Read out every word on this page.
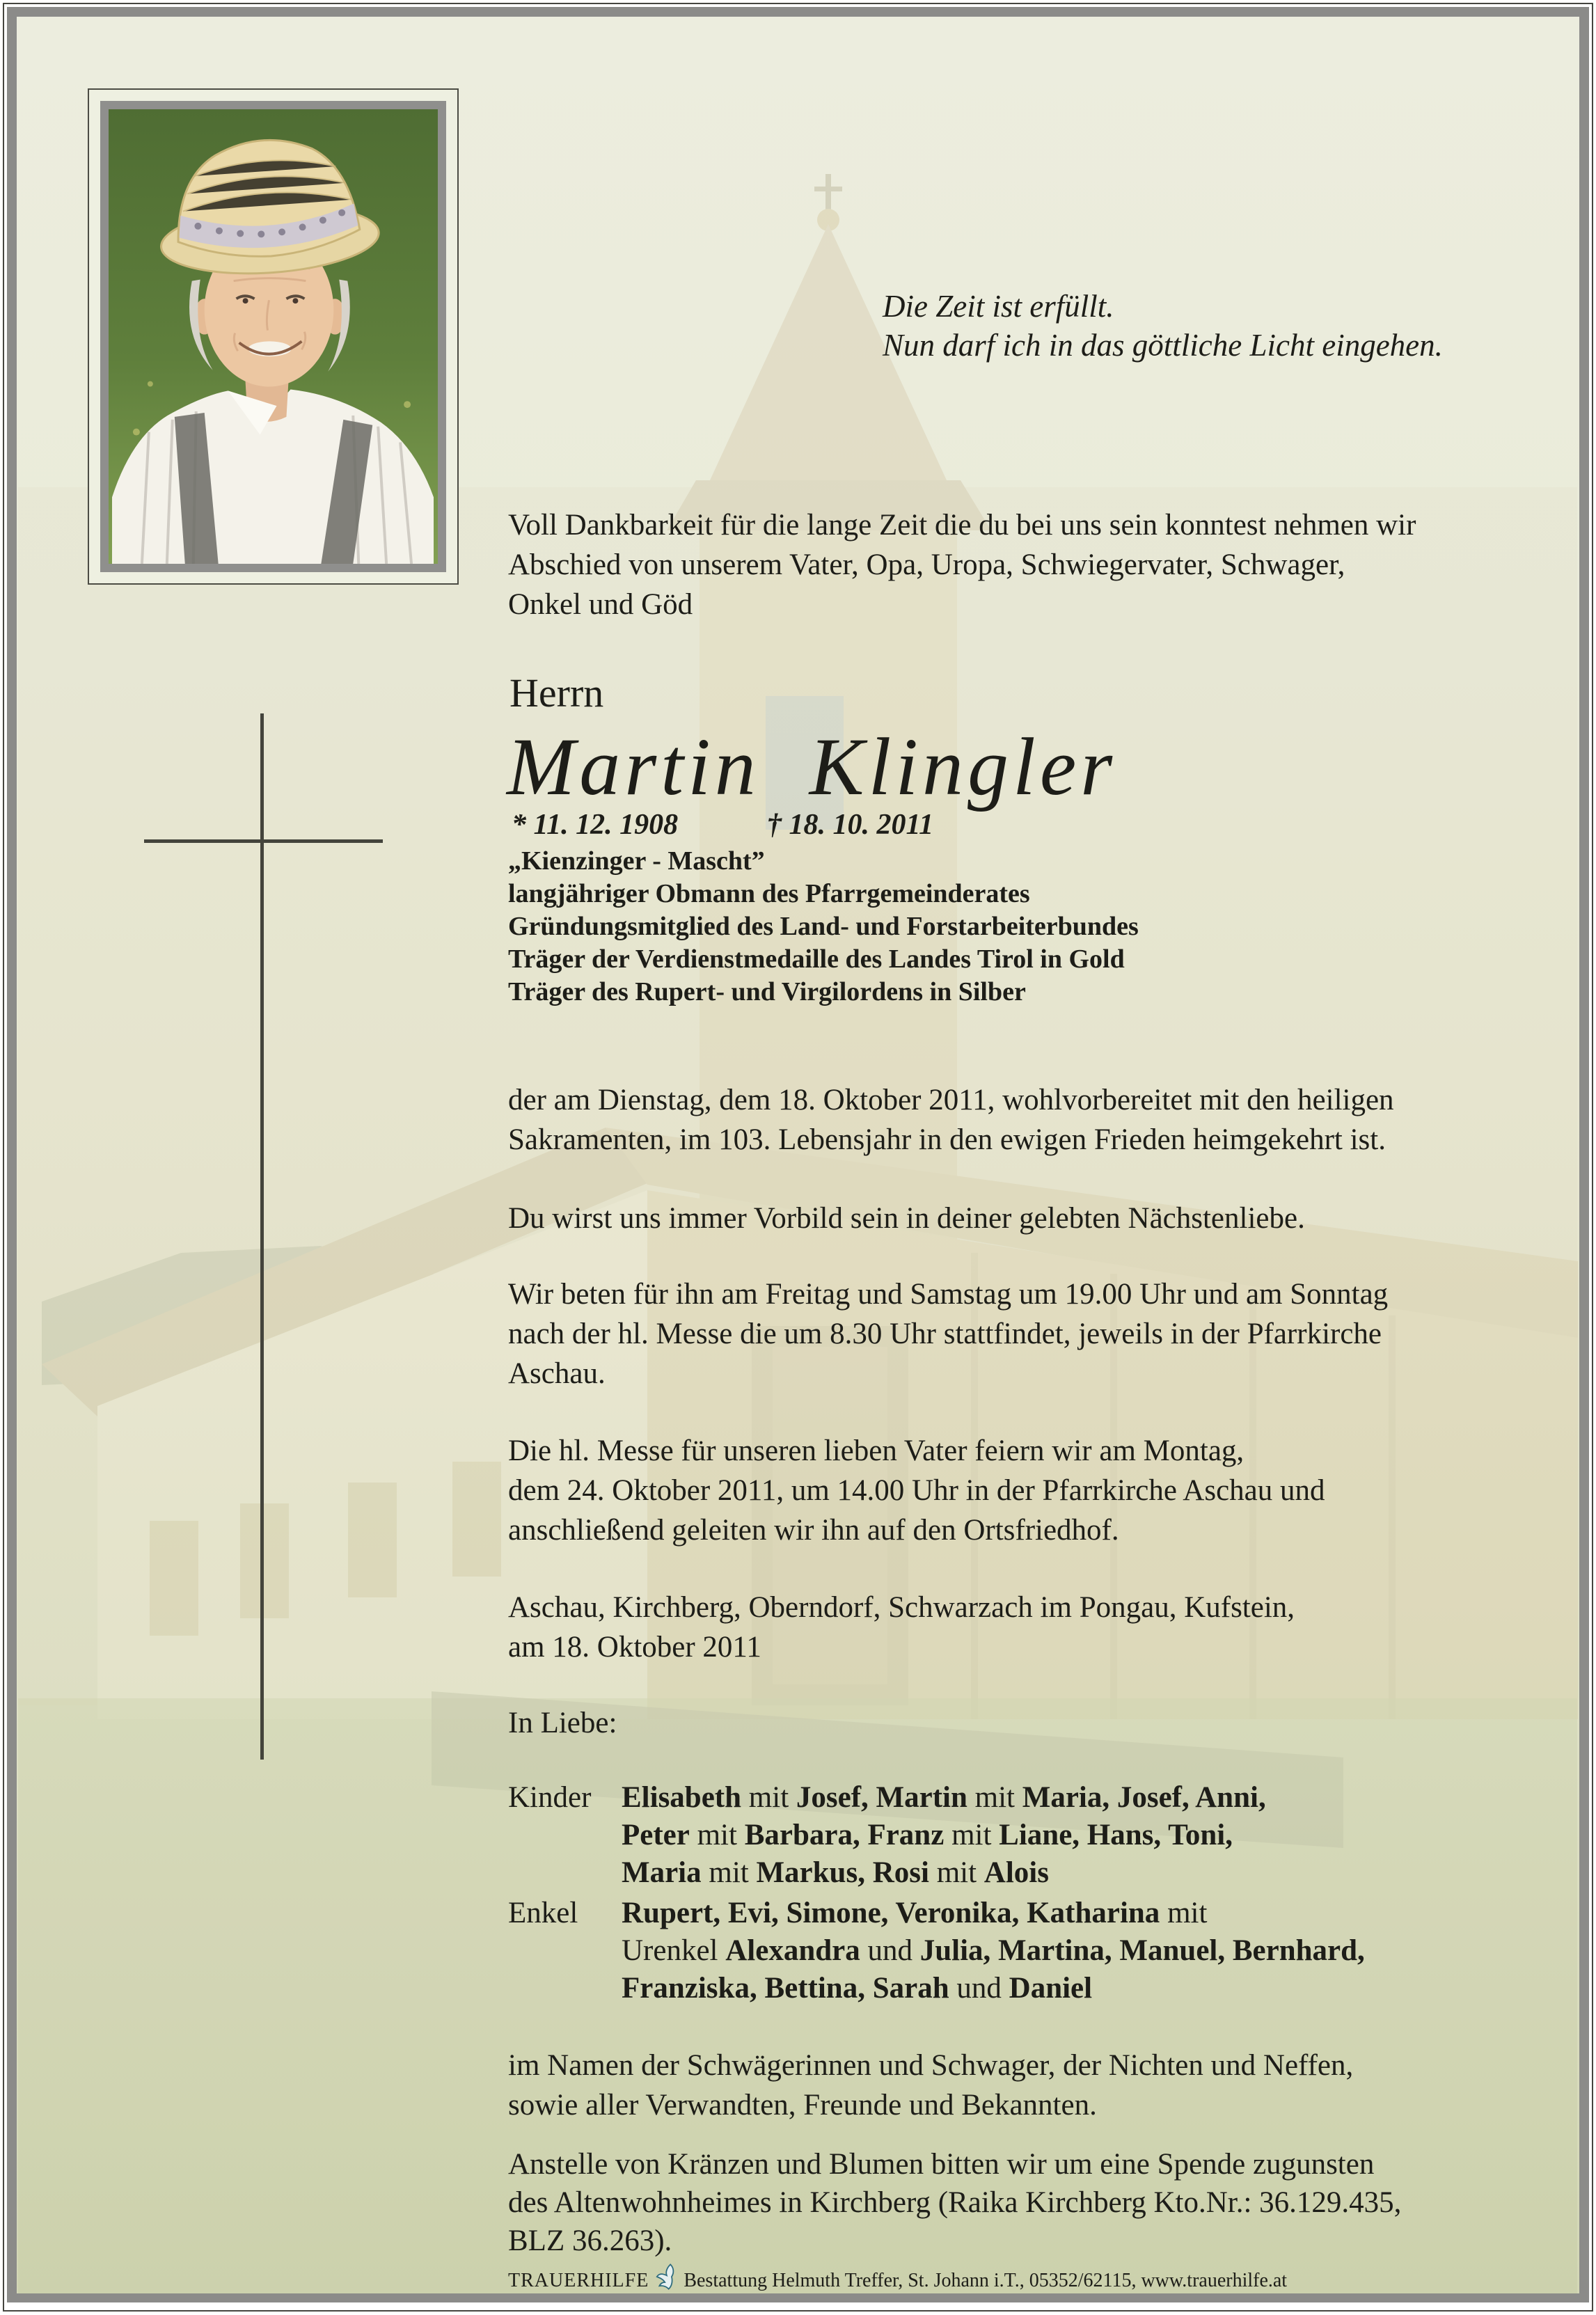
Die Zeit ist erfüllt.
Nun darf ich in das göttliche Licht eingehen.
Voll Dankbarkeit für die lange Zeit die du bei uns sein konntest nehmen wir
Abschied von unserem Vater, Opa, Uropa, Schwiegervater, Schwager,
Onkel und Göd
Herrn
Martin  Klingler
* 11. 12. 1908	† 18. 10. 2011
„Kienzinger - Mascht”
langjähriger Obmann des Pfarrgemeinderates
Gründungsmitglied des Land- und Forstarbeiterbundes
Träger der Verdienstmedaille des Landes Tirol in Gold
Träger des Rupert- und Virgilordens in Silber
der am Dienstag, dem 18. Oktober 2011, wohlvorbereitet mit den heiligen
Sakramenten, im 103. Lebensjahr in den ewigen Frieden heimgekehrt ist.
Du wirst uns immer Vorbild sein in deiner gelebten Nächstenliebe.
Wir beten für ihn am Freitag und Samstag um 19.00 Uhr und am Sonntag
nach der hl. Messe die um 8.30 Uhr stattfindet, jeweils in der Pfarrkirche
Aschau.
Die hl. Messe für unseren lieben Vater feiern wir am Montag,
dem 24. Oktober 2011, um 14.00 Uhr in der Pfarrkirche Aschau und
anschließend geleiten wir ihn auf den Ortsfriedhof.
Aschau, Kirchberg, Oberndorf, Schwarzach im Pongau, Kufstein,
am 18. Oktober 2011
In Liebe:
Kinder Elisabeth mit Josef, Martin mit Maria, Josef, Anni,
Peter mit Barbara, Franz mit Liane, Hans, Toni,
Maria mit Markus, Rosi mit Alois
Enkel Rupert, Evi, Simone, Veronika, Katharina mit
Urenkel Alexandra und Julia, Martina, Manuel, Bernhard,
Franziska, Bettina, Sarah und Daniel
im Namen der Schwägerinnen und Schwager, der Nichten und Neffen,
sowie aller Verwandten, Freunde und Bekannten.
Anstelle von Kränzen und Blumen bitten wir um eine Spende zugunsten
des Altenwohnheimes in Kirchberg (Raika Kirchberg Kto.Nr.: 36.129.435,
BLZ 36.263).
TRAUERHILFE Bestattung Helmuth Treffer, St. Johann i.T., 05352/62115, www.trauerhilfe.at
